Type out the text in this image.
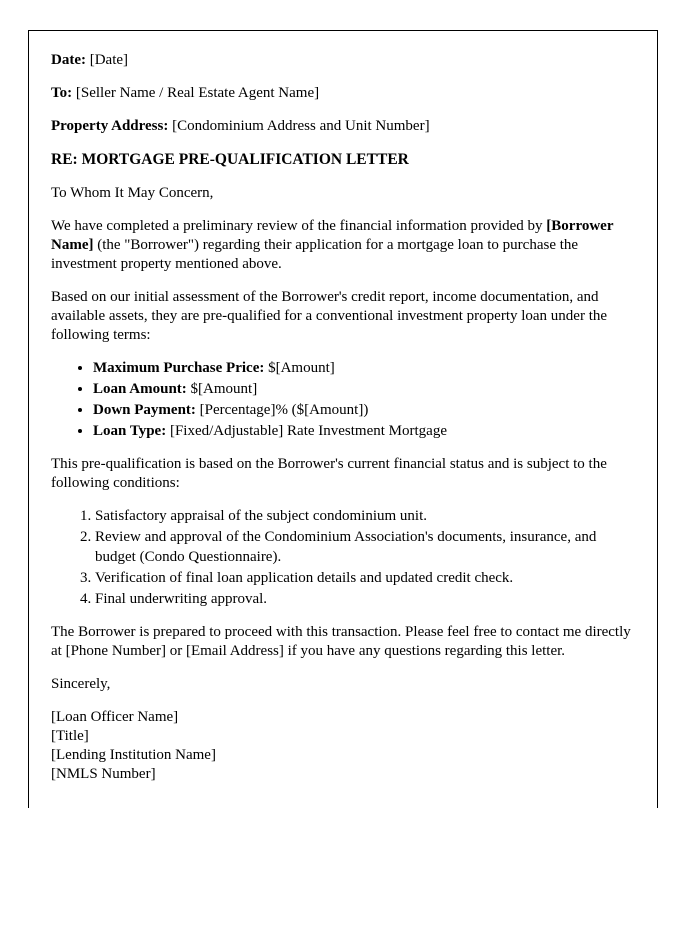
Date: [Date]

To: [Seller Name / Real Estate Agent Name]

Property Address: [Condominium Address and Unit Number]

RE: MORTGAGE PRE-QUALIFICATION LETTER

To Whom It May Concern,

We have completed a preliminary review of the financial information provided by [Borrower Name] (the "Borrower") regarding their application for a mortgage loan to purchase the investment property mentioned above.

Based on our initial assessment of the Borrower's credit report, income documentation, and available assets, they are pre-qualified for a conventional investment property loan under the following terms:

• Maximum Purchase Price: $[Amount]
• Loan Amount: $[Amount]
• Down Payment: [Percentage]% ($[Amount])
• Loan Type: [Fixed/Adjustable] Rate Investment Mortgage

This pre-qualification is based on the Borrower's current financial status and is subject to the following conditions:

1. Satisfactory appraisal of the subject condominium unit.
2. Review and approval of the Condominium Association's documents, insurance, and budget (Condo Questionnaire).
3. Verification of final loan application details and updated credit check.
4. Final underwriting approval.

The Borrower is prepared to proceed with this transaction. Please feel free to contact me directly at [Phone Number] or [Email Address] if you have any questions regarding this letter.

Sincerely,

[Loan Officer Name]

[Title]

[Lending Institution Name]

[NMLS Number]
